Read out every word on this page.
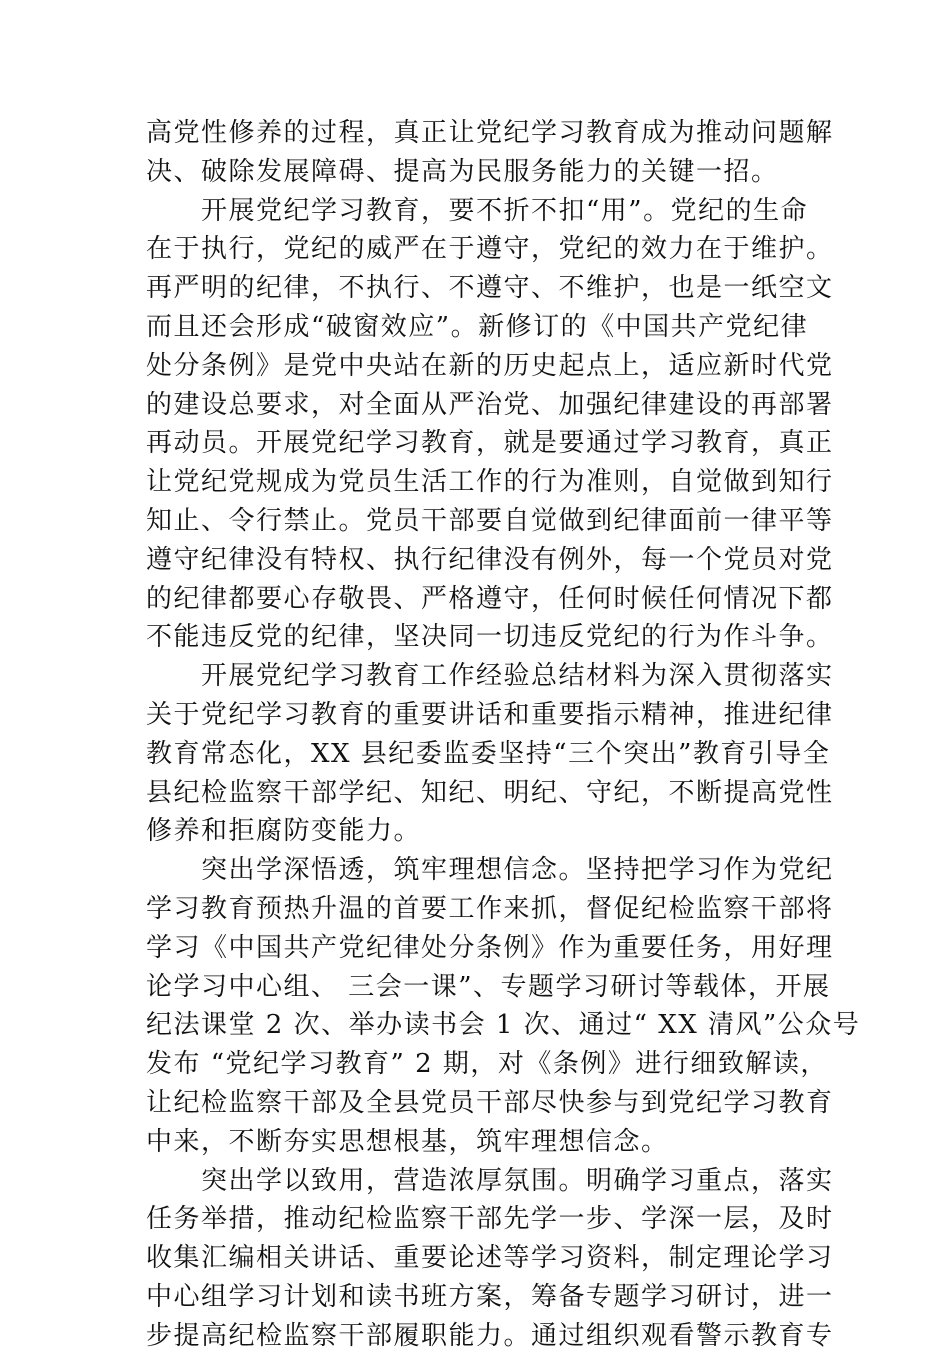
高党性修养的过程，真正让党纪学习教育成为推动问题解
决、破除发展障碍、提高为民服务能力的关键一招。
　　开展党纪学习教育，要不折不扣“用”。党纪的生命
在于执行，党纪的威严在于遵守，党纪的效力在于维护。
再严明的纪律，不执行、不遵守、不维护，也是一纸空文
而且还会形成“破窗效应”。新修订的《中国共产党纪律
处分条例》是党中央站在新的历史起点上，适应新时代党
的建设总要求，对全面从严治党、加强纪律建设的再部署
再动员。开展党纪学习教育，就是要通过学习教育，真正
让党纪党规成为党员生活工作的行为准则，自觉做到知行
知止、令行禁止。党员干部要自觉做到纪律面前一律平等
遵守纪律没有特权、执行纪律没有例外，每一个党员对党
的纪律都要心存敬畏、严格遵守，任何时候任何情况下都
不能违反党的纪律，坚决同一切违反党纪的行为作斗争。
　　开展党纪学习教育工作经验总结材料为深入贯彻落实
关于党纪学习教育的重要讲话和重要指示精神，推进纪律
教育常态化，XX 县纪委监委坚持“三个突出”教育引导全
县纪检监察干部学纪、知纪、明纪、守纪，不断提高党性
修养和拒腐防变能力。
　　突出学深悟透，筑牢理想信念。坚持把学习作为党纪
学习教育预热升温的首要工作来抓，督促纪检监察干部将
学习《中国共产党纪律处分条例》作为重要任务，用好理
论学习中心组、 三会一课”、专题学习研讨等载体，开展
纪法课堂 2 次、举办读书会 1 次、通过“ XX 清风”公众号
发布 “党纪学习教育” 2 期，对《条例》进行细致解读，
让纪检监察干部及全县党员干部尽快参与到党纪学习教育
中来，不断夯实思想根基，筑牢理想信念。
　　突出学以致用，营造浓厚氛围。明确学习重点，落实
任务举措，推动纪检监察干部先学一步、学深一层，及时
收集汇编相关讲话、重要论述等学习资料，制定理论学习
中心组学习计划和读书班方案，筹备专题学习研讨，进一
步提高纪检监察干部履职能力。通过组织观看警示教育专
